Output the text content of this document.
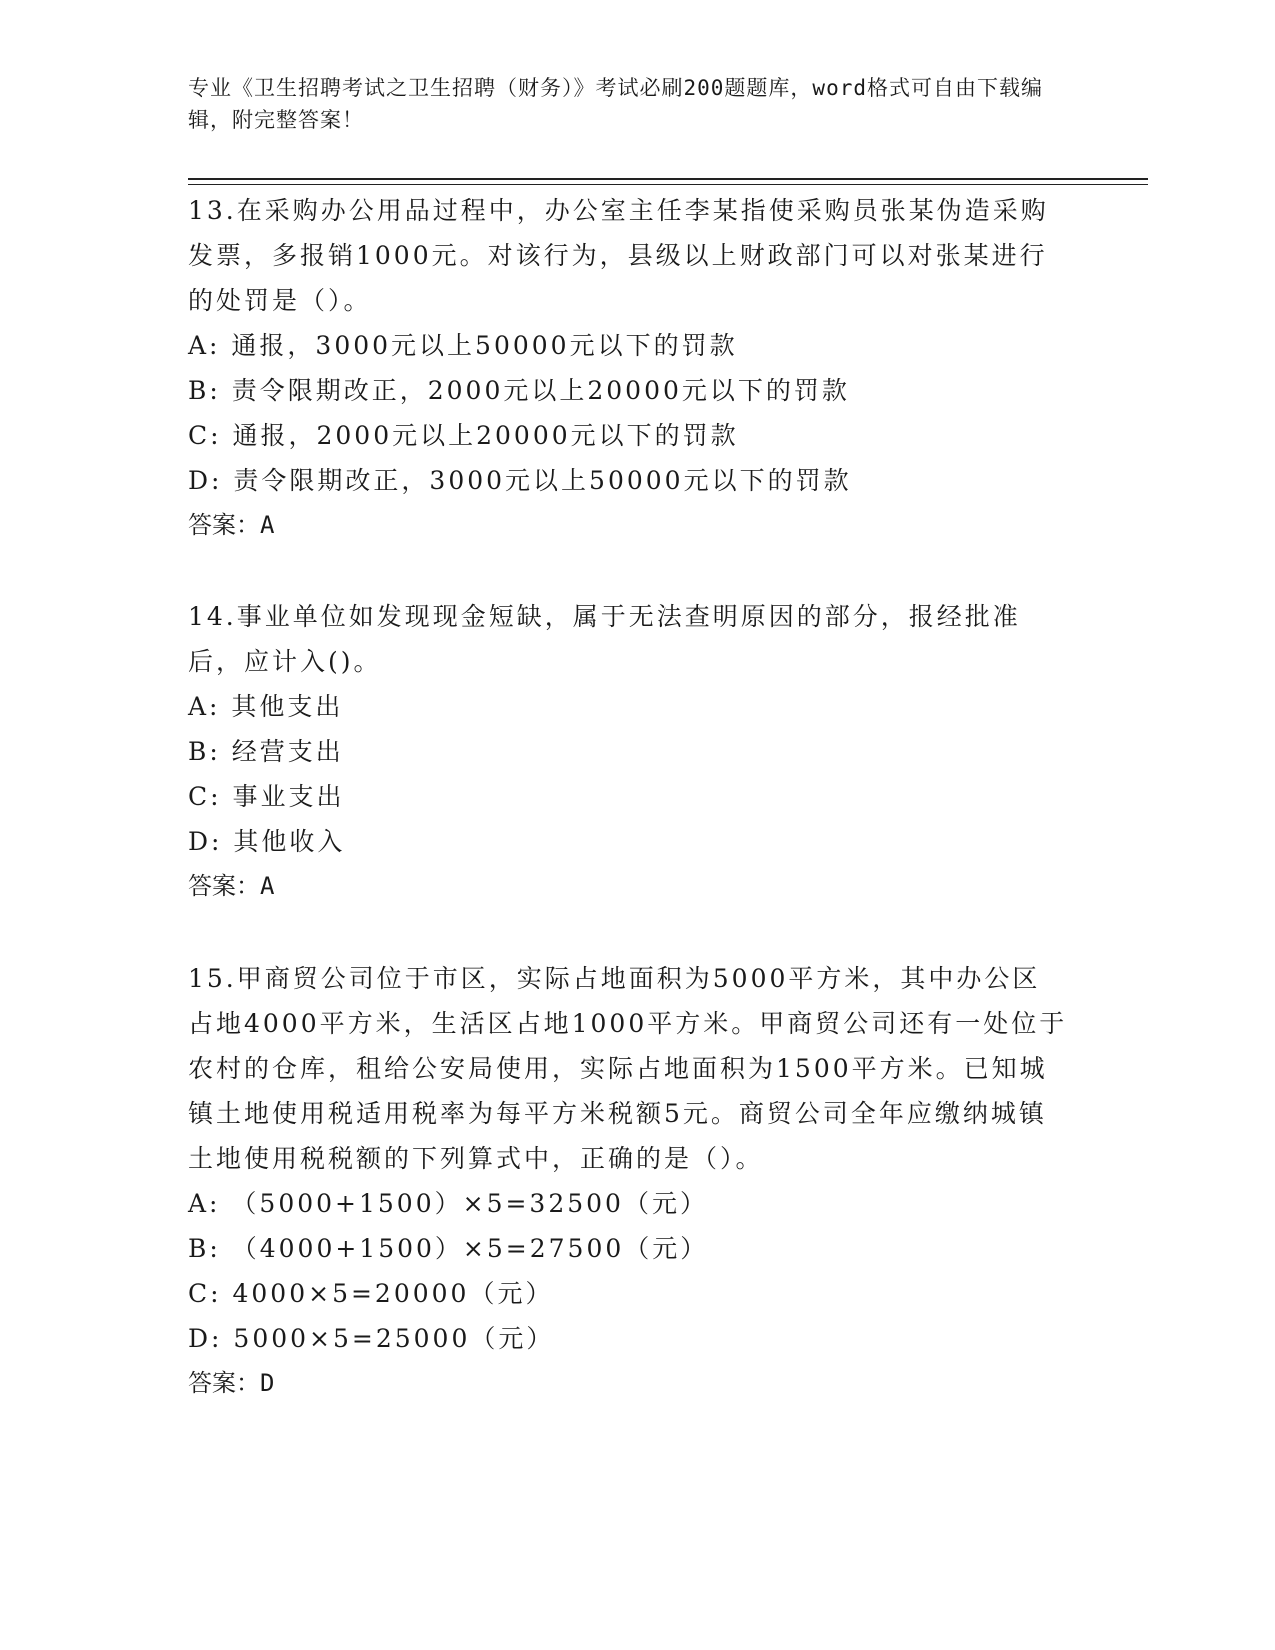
专业《卫生招聘考试之卫生招聘（财务）》考试必刷200题题库，word格式可自由下载编辑，附完整答案！

13.在采购办公用品过程中，办公室主任李某指使采购员张某伪造采购发票，多报销1000元。对该行为，县级以上财政部门可以对张某进行的处罚是（）。

A: 通报，3000元以上50000元以下的罚款

B: 责令限期改正，2000元以上20000元以下的罚款

C: 通报，2000元以上20000元以下的罚款

D: 责令限期改正，3000元以上50000元以下的罚款

答案：A

14.事业单位如发现现金短缺，属于无法查明原因的部分，报经批准后，应计入()。

A: 其他支出

B: 经营支出

C: 事业支出

D: 其他收入

答案：A

15.甲商贸公司位于市区，实际占地面积为5000平方米，其中办公区占地4000平方米，生活区占地1000平方米。甲商贸公司还有一处位于农村的仓库，租给公安局使用，实际占地面积为1500平方米。已知城镇土地使用税适用税率为每平方米税额5元。商贸公司全年应缴纳城镇土地使用税税额的下列算式中，正确的是（）。

A: （5000+1500）×5=32500（元）

B: （4000+1500）×5=27500（元）

C: 4000×5=20000（元）

D: 5000×5=25000（元）

答案：D
